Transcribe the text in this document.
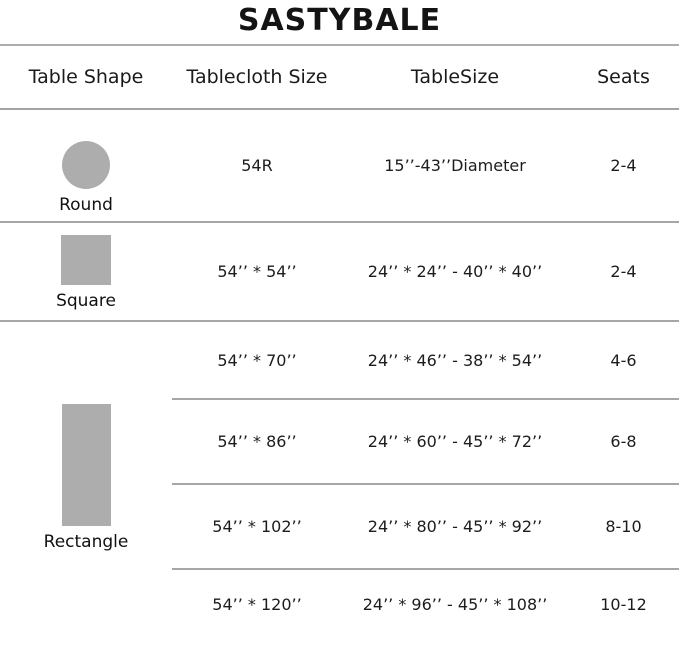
SASTYBALE
Table Shape	Tablecloth Size	TableSize	Seats
Round
54R	15’’-43’’Diameter	2-4
Square
54’’ * 54’’	24’’ * 24’’ - 40’’ * 40’’	2-4
Rectangle
54’’ * 70’’	24’’ * 46’’ - 38’’ * 54’’	4-6
54’’ * 86’’	24’’ * 60’’ - 45’’ * 72’’	6-8
54’’ * 102’’	24’’ * 80’’ - 45’’ * 92’’	8-10
54’’ * 120’’	24’’ * 96’’ - 45’’ * 108’’	10-12
